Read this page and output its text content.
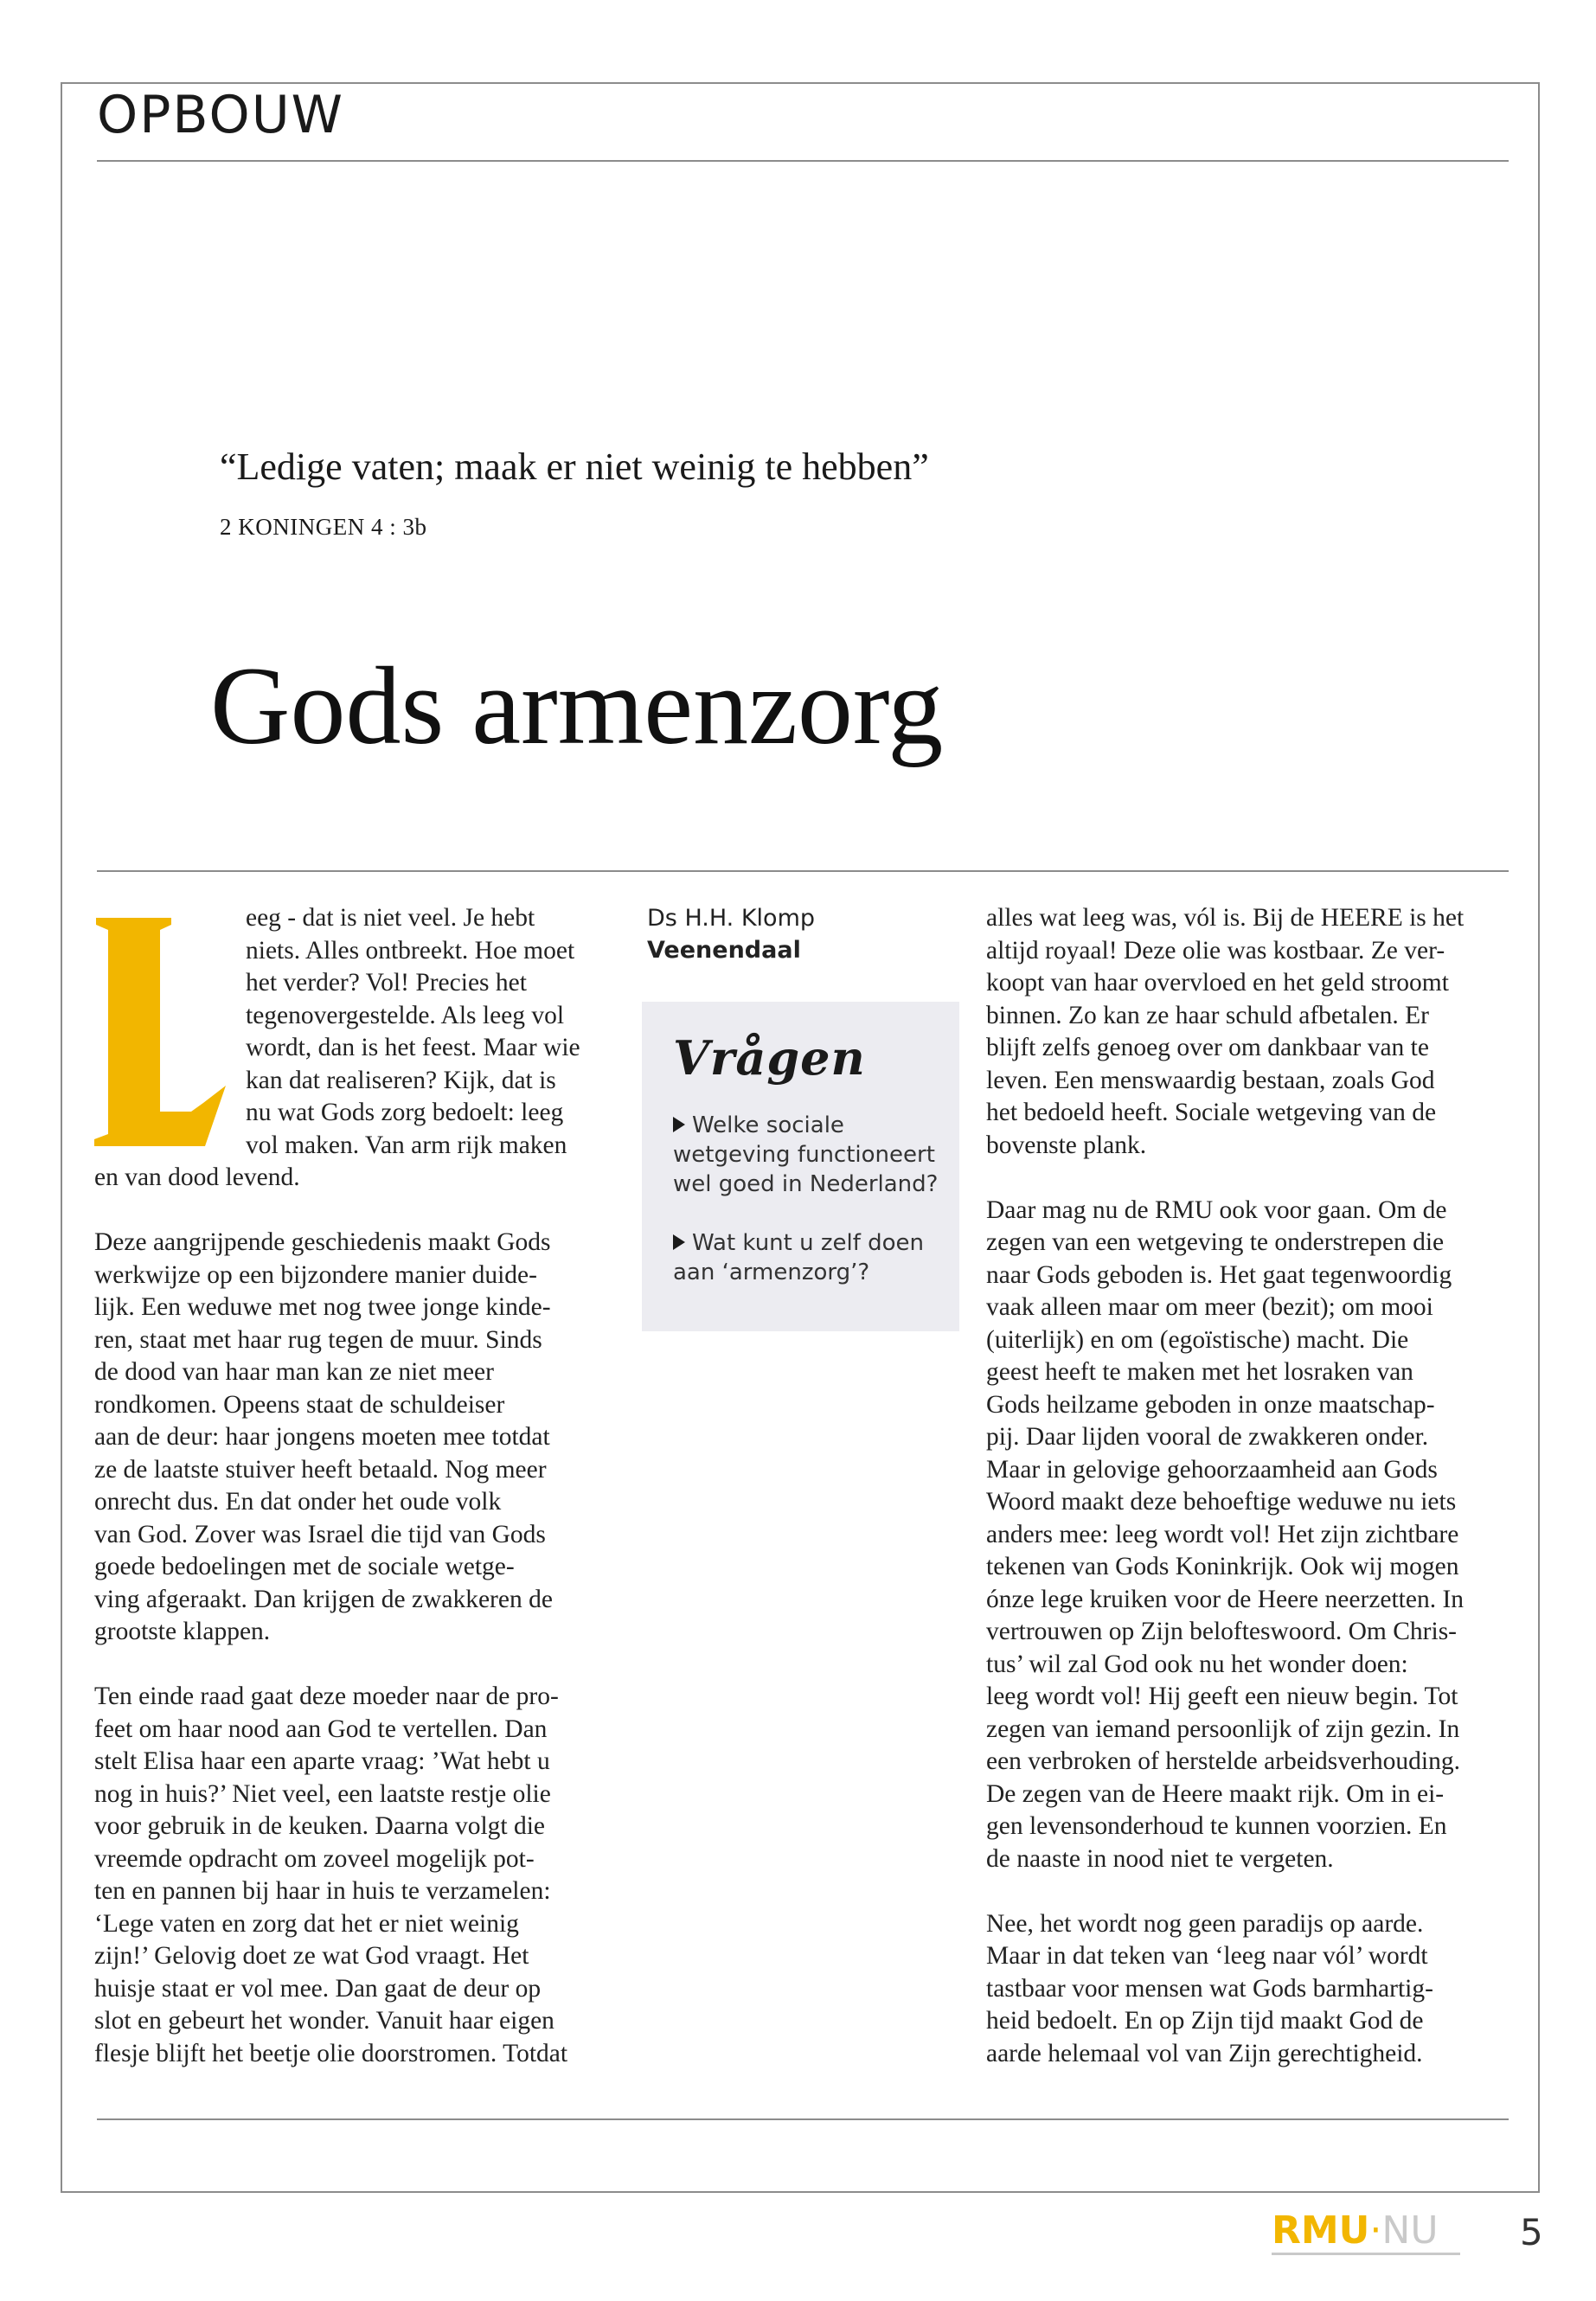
OPBOUW
“Ledige vaten; maak er niet weinig te hebben”
2 KONINGEN 4 : 3b
Gods armenzorg

eeg - dat is niet veel. Je hebt
niets. Alles ontbreekt. Hoe moet
het verder? Vol! Precies het
tegenovergestelde. Als leeg vol
wordt, dan is het feest. Maar wie
kan dat realiseren? Kijk, dat is
nu wat Gods zorg bedoelt: leeg
vol maken. Van arm rijk maken
en van dood levend.

Deze aangrijpende geschiedenis maakt Gods
werkwijze op een bijzondere manier duide-
lijk. Een weduwe met nog twee jonge kinde-
ren, staat met haar rug tegen de muur. Sinds
de dood van haar man kan ze niet meer
rondkomen. Opeens staat de schuldeiser
aan de deur: haar jongens moeten mee totdat
ze de laatste stuiver heeft betaald. Nog meer
onrecht dus. En dat onder het oude volk
van God. Zover was Israel die tijd van Gods
goede bedoelingen met de sociale wetge-
ving afgeraakt. Dan krijgen de zwakkeren de
grootste klappen.

Ten einde raad gaat deze moeder naar de pro-
feet om haar nood aan God te vertellen. Dan
stelt Elisa haar een aparte vraag: ’Wat hebt u
nog in huis?’ Niet veel, een laatste restje olie
voor gebruik in de keuken. Daarna volgt die
vreemde opdracht om zoveel mogelijk pot-
ten en pannen bij haar in huis te verzamelen:
‘Lege vaten en zorg dat het er niet weinig
zijn!’ Gelovig doet ze wat God vraagt. Het
huisje staat er vol mee. Dan gaat de deur op
slot en gebeurt het wonder. Vanuit haar eigen
flesje blijft het beetje olie doorstromen. Totdat

Ds H.H. Klomp
Veenendaal
Vrågen
Welke sociale
wetgeving functioneert
wel goed in Nederland?
Wat kunt u zelf doen
aan ‘armenzorg’?

alles wat leeg was, vól is. Bij de HEERE is het
altijd royaal! Deze olie was kostbaar. Ze ver-
koopt van haar overvloed en het geld stroomt
binnen. Zo kan ze haar schuld afbetalen. Er
blijft zelfs genoeg over om dankbaar van te
leven. Een menswaardig bestaan, zoals God
het bedoeld heeft. Sociale wetgeving van de
bovenste plank.

Daar mag nu de RMU ook voor gaan. Om de
zegen van een wetgeving te onderstrepen die
naar Gods geboden is. Het gaat tegenwoordig
vaak alleen maar om meer (bezit); om mooi
(uiterlijk) en om (egoïstische) macht. Die
geest heeft te maken met het losraken van
Gods heilzame geboden in onze maatschap-
pij. Daar lijden vooral de zwakkeren onder.
Maar in gelovige gehoorzaamheid aan Gods
Woord maakt deze behoeftige weduwe nu iets
anders mee: leeg wordt vol! Het zijn zichtbare
tekenen van Gods Koninkrijk. Ook wij mogen
ónze lege kruiken voor de Heere neerzetten. In
vertrouwen op Zijn belofteswoord. Om Chris-
tus’ wil zal God ook nu het wonder doen:
leeg wordt vol! Hij geeft een nieuw begin. Tot
zegen van iemand persoonlijk of zijn gezin. In
een verbroken of herstelde arbeidsverhouding.
De zegen van de Heere maakt rijk. Om in ei-
gen levensonderhoud te kunnen voorzien. En
de naaste in nood niet te vergeten.

Nee, het wordt nog geen paradijs op aarde.
Maar in dat teken van ‘leeg naar vól’ wordt
tastbaar voor mensen wat Gods barmhartig-
heid bedoelt. En op Zijn tijd maakt God de
aarde helemaal vol van Zijn gerechtigheid.

RMU·NU 5
